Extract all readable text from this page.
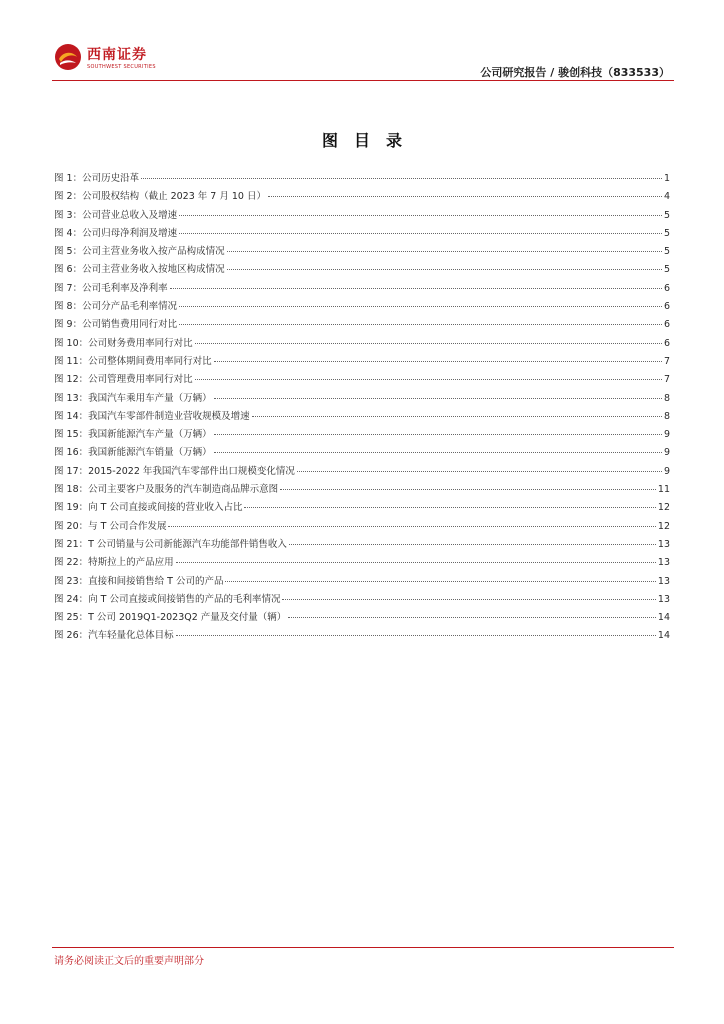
西南证券
SOUTHWEST SECURITIES	公司研究报告 / 骏创科技（833533）
图目录
图 1：公司历史沿革	1
图 2：公司股权结构（截止 2023 年 7 月 10 日）	4
图 3：公司营业总收入及增速	5
图 4：公司归母净利润及增速	5
图 5：公司主营业务收入按产品构成情况	5
图 6：公司主营业务收入按地区构成情况	5
图 7：公司毛利率及净利率	6
图 8：公司分产品毛利率情况	6
图 9：公司销售费用同行对比	6
图 10：公司财务费用率同行对比	6
图 11：公司整体期间费用率同行对比	7
图 12：公司管理费用率同行对比	7
图 13：我国汽车乘用车产量（万辆）	8
图 14：我国汽车零部件制造业营收规模及增速	8
图 15：我国新能源汽车产量（万辆）	9
图 16：我国新能源汽车销量（万辆）	9
图 17：2015-2022 年我国汽车零部件出口规模变化情况	9
图 18：公司主要客户及服务的汽车制造商品牌示意图	11
图 19：向 T 公司直接或间接的营业收入占比	12
图 20：与 T 公司合作发展	12
图 21：T 公司销量与公司新能源汽车功能部件销售收入	13
图 22：特斯拉上的产品应用	13
图 23：直接和间接销售给 T 公司的产品	13
图 24：向 T 公司直接或间接销售的产品的毛利率情况	13
图 25：T 公司 2019Q1-2023Q2 产量及交付量（辆）	14
图 26：汽车轻量化总体目标	14
请务必阅读正文后的重要声明部分
